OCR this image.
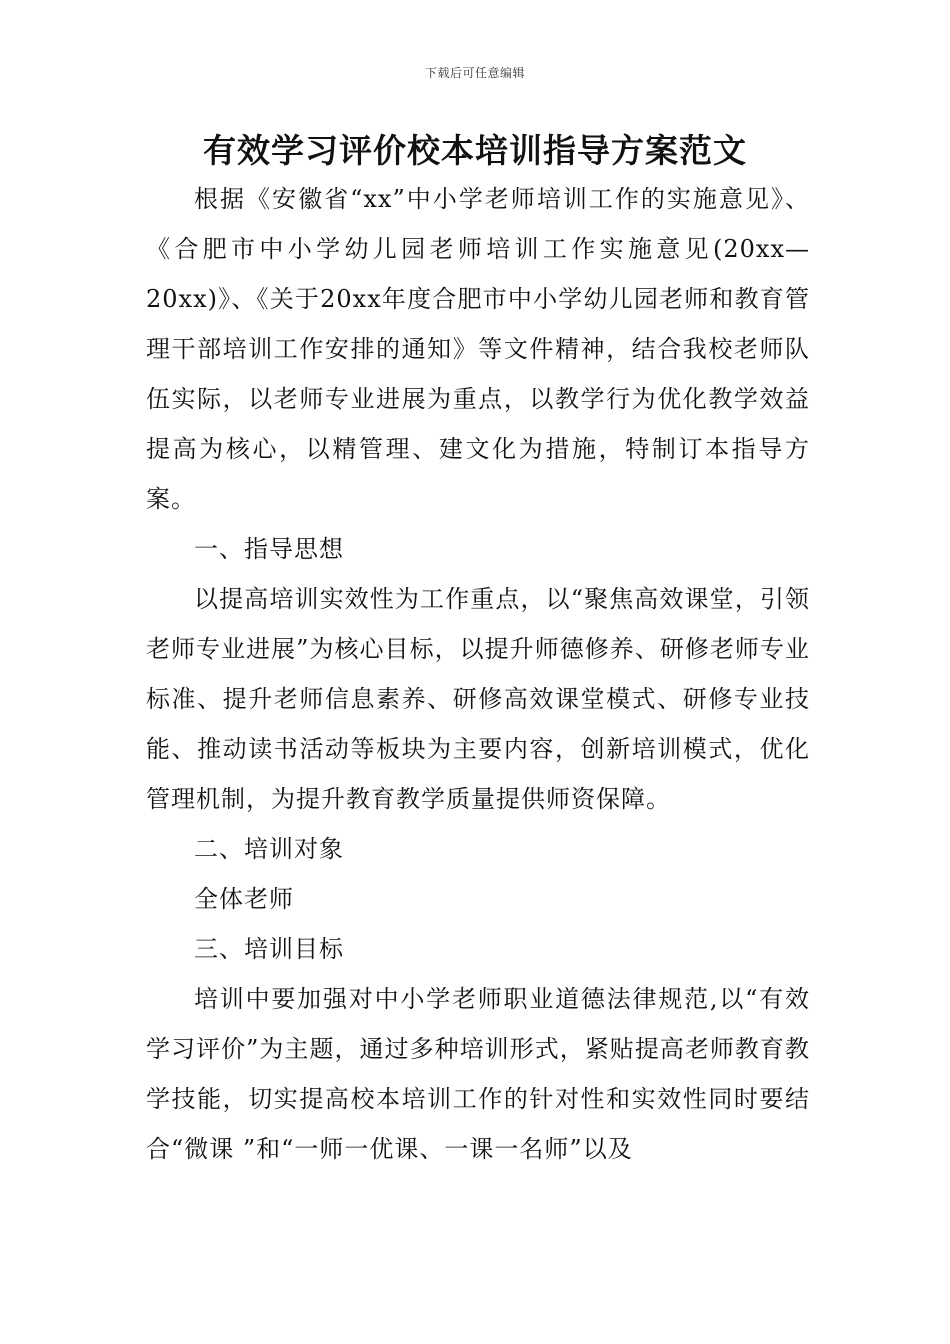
下载后可任意编辑
有效学习评价校本培训指导方案范文

根据《安徽省“xx”中小学老师培训工作的实施意见》、《合肥市中小学幼儿园老师培训工作实施意见(20xx—20xx)》、《关于20xx年度合肥市中小学幼儿园老师和教育管理干部培训工作安排的通知》等文件精神，结合我校老师队伍实际，以老师专业进展为重点，以教学行为优化教学效益提高为核心，以精管理、建文化为措施，特制订本指导方案。

一、指导思想

以提高培训实效性为工作重点，以“聚焦高效课堂，引领老师专业进展”为核心目标，以提升师德修养、研修老师专业标准、提升老师信息素养、研修高效课堂模式、研修专业技能、推动读书活动等板块为主要内容，创新培训模式，优化管理机制，为提升教育教学质量提供师资保障。

二、培训对象

全体老师

三、培训目标

培训中要加强对中小学老师职业道德法律规范,以“有效学习评价”为主题，通过多种培训形式，紧贴提高老师教育教学技能，切实提高校本培训工作的针对性和实效性同时要结合“微课 ”和“一师一优课、一课一名师”以及
